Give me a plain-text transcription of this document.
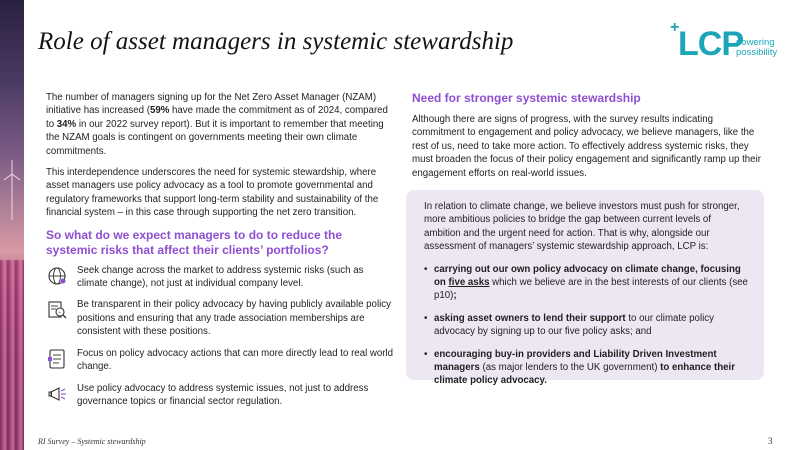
Role of asset managers in systemic stewardship
+
LCP
powering
possibility

The number of managers signing up for the Net Zero Asset Manager (NZAM) initiative has increased (59% have made the commitment as of 2024, compared to 34% in our 2022 survey report). But it is important to remember that meeting the NZAM goals is contingent on governments meeting their own climate commitments.

This interdependence underscores the need for systemic stewardship, where asset managers use policy advocacy as a tool to promote governmental and regulatory frameworks that support long-term stability and sustainability of the financial system – in this case through supporting the net zero transition.

So what do we expect managers to do to reduce the systemic risks that affect their clients’ portfolios?
Seek change across the market to address systemic risks (such as climate change), not just at individual company level.
+
Be transparent in their policy advocacy by having publicly available policy positions and ensuring that any trade association memberships are consistent with these positions.
Focus on policy advocacy actions that can more directly lead to real world change.
Use policy advocacy to address systemic issues, not just to address governance topics or financial sector regulation.
Need for stronger systemic stewardship

Although there are signs of progress, with the survey results indicating commitment to engagement and policy advocacy, we believe managers, like the rest of us, need to take more action. To effectively address systemic risks, they must broaden the focus of their policy engagement and significantly ramp up their engagement efforts on real-world issues.

In relation to climate change, we believe investors must push for stronger, more ambitious policies to bridge the gap between current levels of ambition and the urgent need for action. That is why, alongside our assessment of managers’ systemic stewardship approach, LCP is:

• carrying out our own policy advocacy on climate change, focusing on five asks which we believe are in the best interests of our clients (see p10);
• asking asset owners to lend their support to our climate policy advocacy by signing up to our five policy asks; and
• encouraging buy-in providers and Liability Driven Investment managers (as major lenders to the UK government) to enhance their climate policy advocacy.
RI Survey – Systemic stewardship	3
